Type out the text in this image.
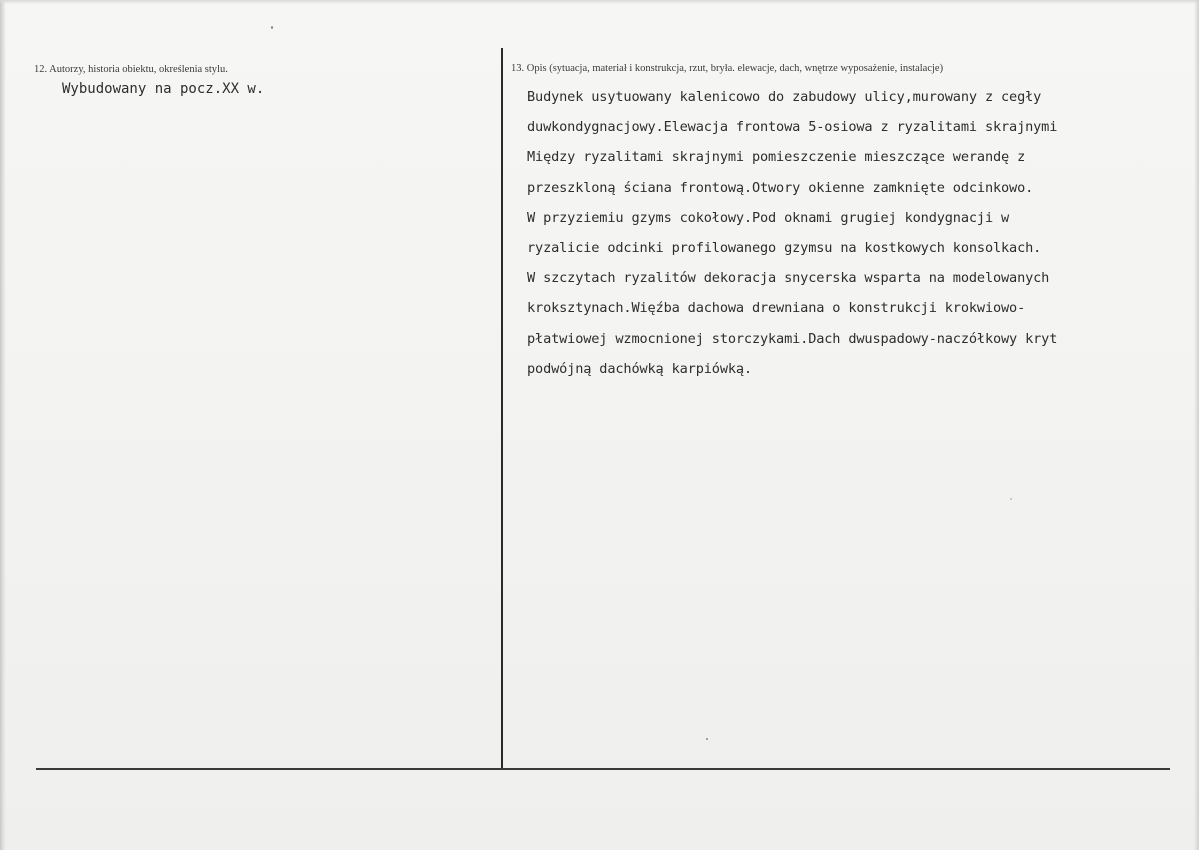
12. Autorzy, historia obiektu, określenia stylu.
Wybudowany na pocz.XX w.
13. Opis (sytuacja, materiał i konstrukcja, rzut, bryła. elewacje, dach, wnętrze wyposażenie, instalacje)
Budynek usytuowany kalenicowo do zabudowy ulicy,murowany z cegły
duwkondygnacjowy.Elewacja frontowa 5-osiowa z ryzalitami skrajnymi
Między ryzalitami skrajnymi pomieszczenie mieszczące werandę z
przeszkloną ściana frontową.Otwory okienne zamknięte odcinkowo.
W przyziemiu gzyms cokołowy.Pod oknami grugiej kondygnacji w
ryzalicie odcinki profilowanego gzymsu na kostkowych konsolkach.
W szczytach ryzalitów dekoracja snycerska wsparta na modelowanych
kroksztynach.Więźba dachowa drewniana o konstrukcji krokwiowo-
płatwiowej wzmocnionej storczykami.Dach dwuspadowy-naczółkowy kryt
podwójną dachówką karpiówką.
